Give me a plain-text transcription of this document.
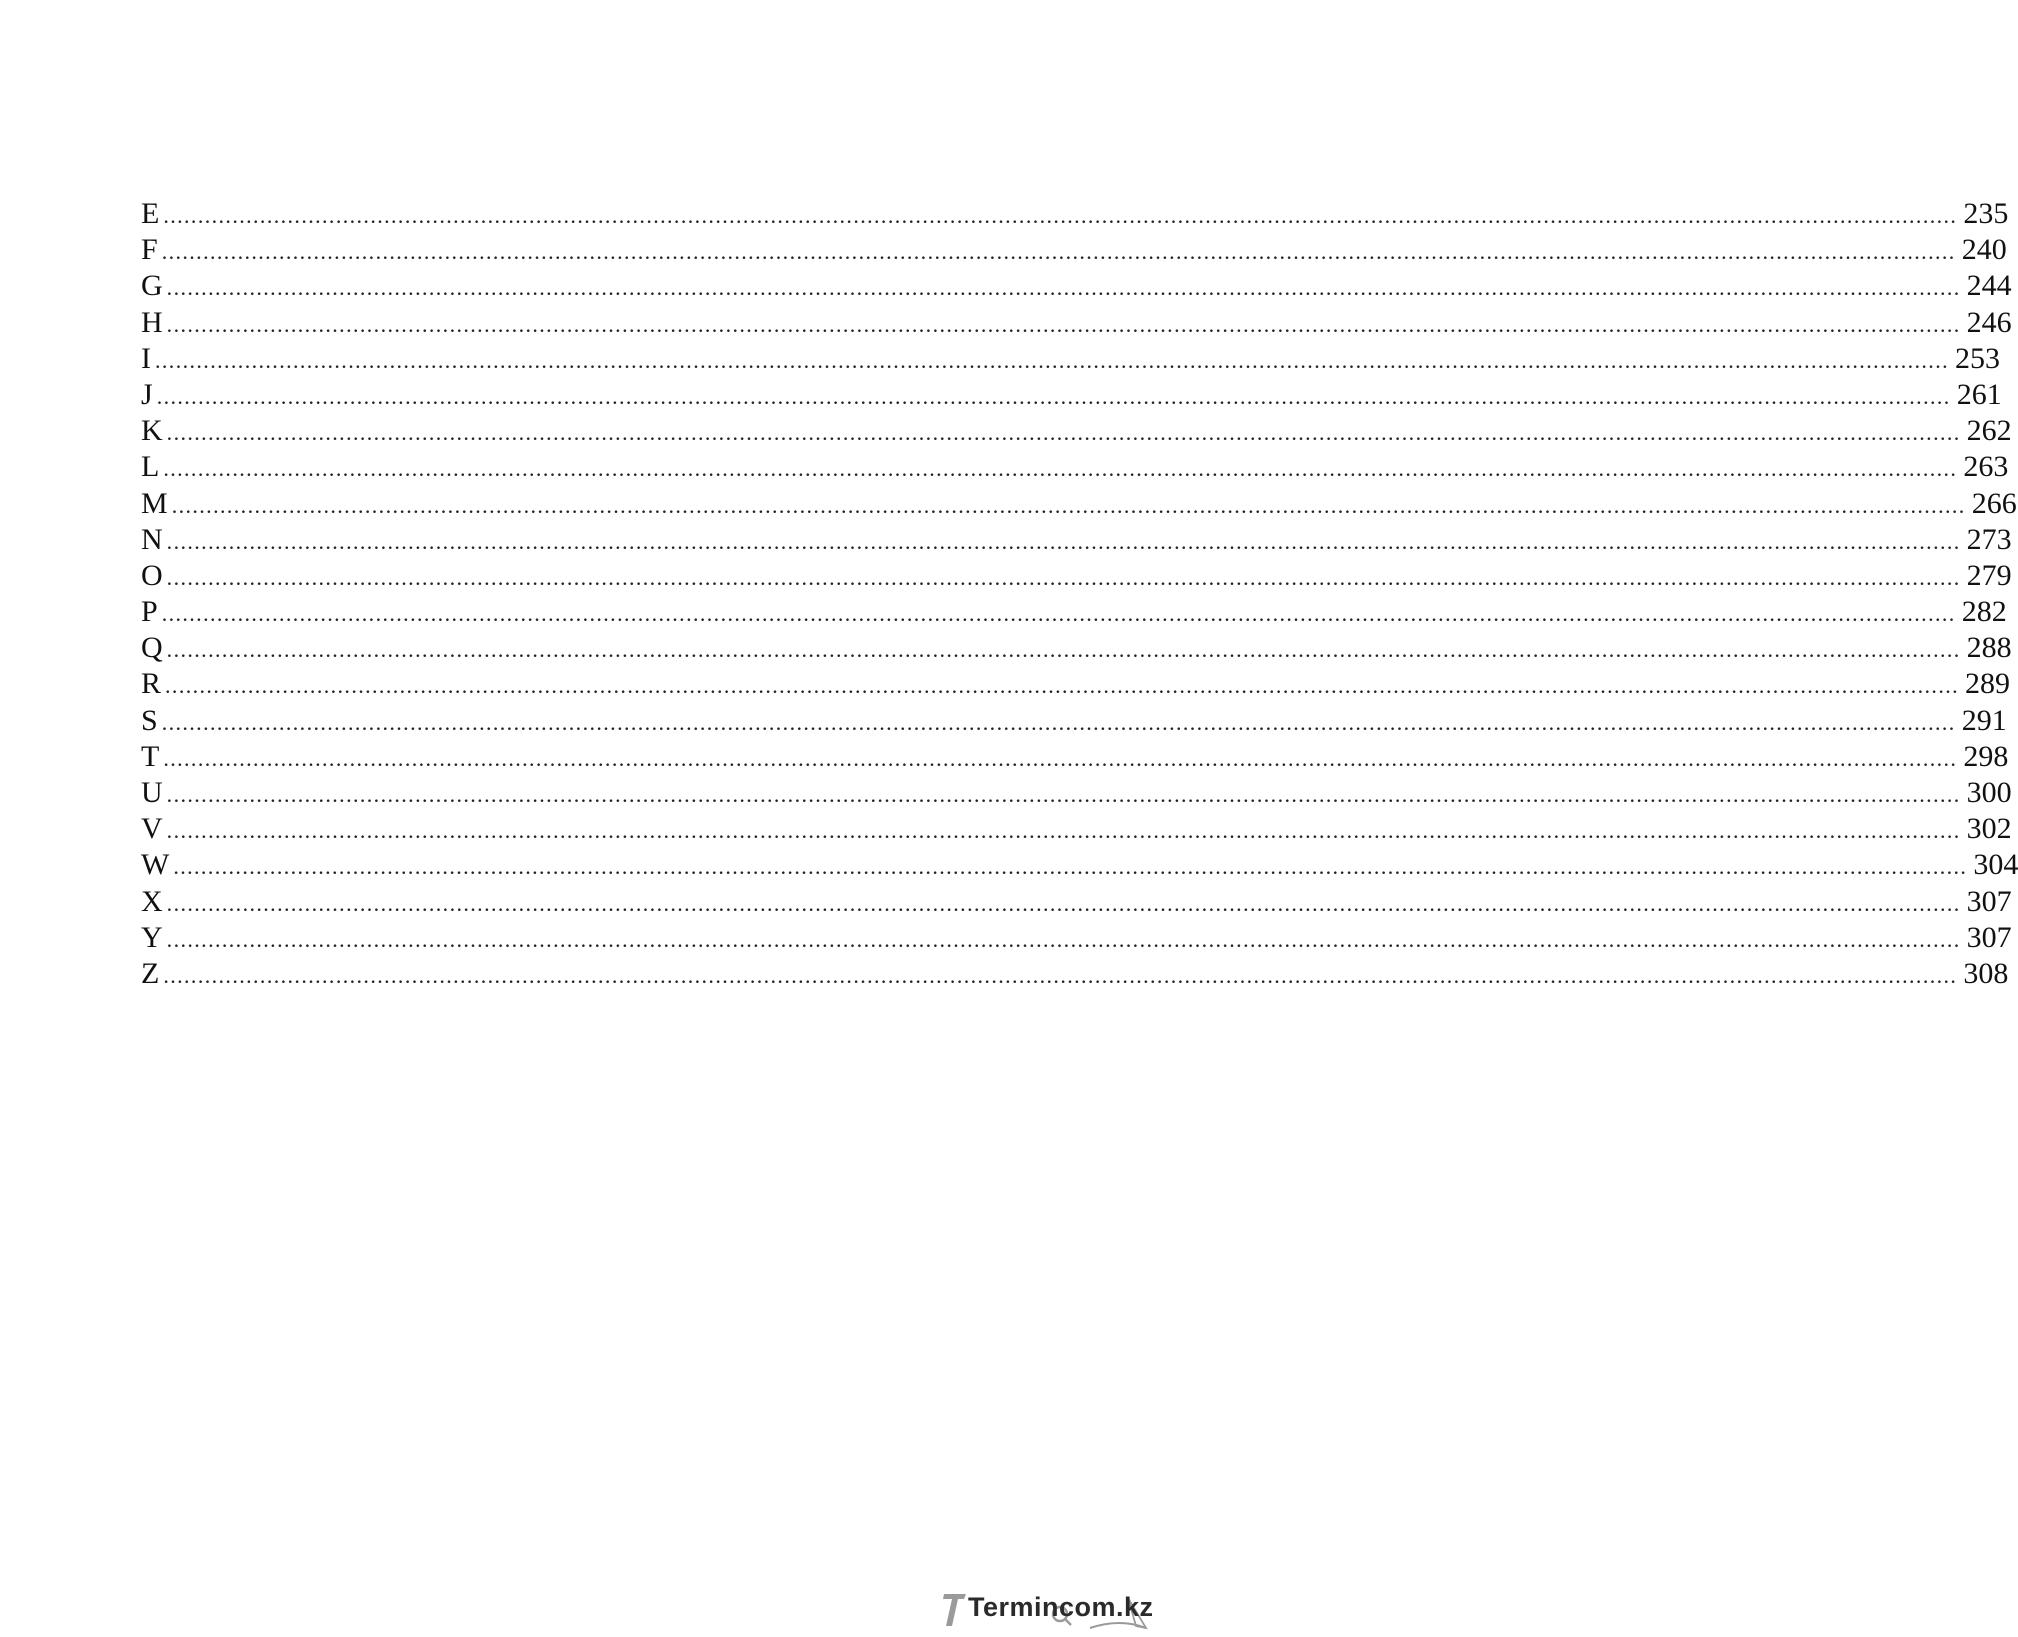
E .................................................................................................................................................................................................................................................................... 235
F .................................................................................................................................................................................................................................................................... 240
G .................................................................................................................................................................................................................................................................... 244
H .................................................................................................................................................................................................................................................................... 246
I .................................................................................................................................................................................................................................................................... 253
J .................................................................................................................................................................................................................................................................... 261
K .................................................................................................................................................................................................................................................................... 262
L .................................................................................................................................................................................................................................................................... 263
M .................................................................................................................................................................................................................................................................... 266
N .................................................................................................................................................................................................................................................................... 273
O .................................................................................................................................................................................................................................................................... 279
P .................................................................................................................................................................................................................................................................... 282
Q .................................................................................................................................................................................................................................................................... 288
R .................................................................................................................................................................................................................................................................... 289
S .................................................................................................................................................................................................................................................................... 291
T .................................................................................................................................................................................................................................................................... 298
U .................................................................................................................................................................................................................................................................... 300
V .................................................................................................................................................................................................................................................................... 302
W .................................................................................................................................................................................................................................................................... 304
X .................................................................................................................................................................................................................................................................... 307
Y .................................................................................................................................................................................................................................................................... 307
Z .................................................................................................................................................................................................................................................................... 308
Termincom.kz
